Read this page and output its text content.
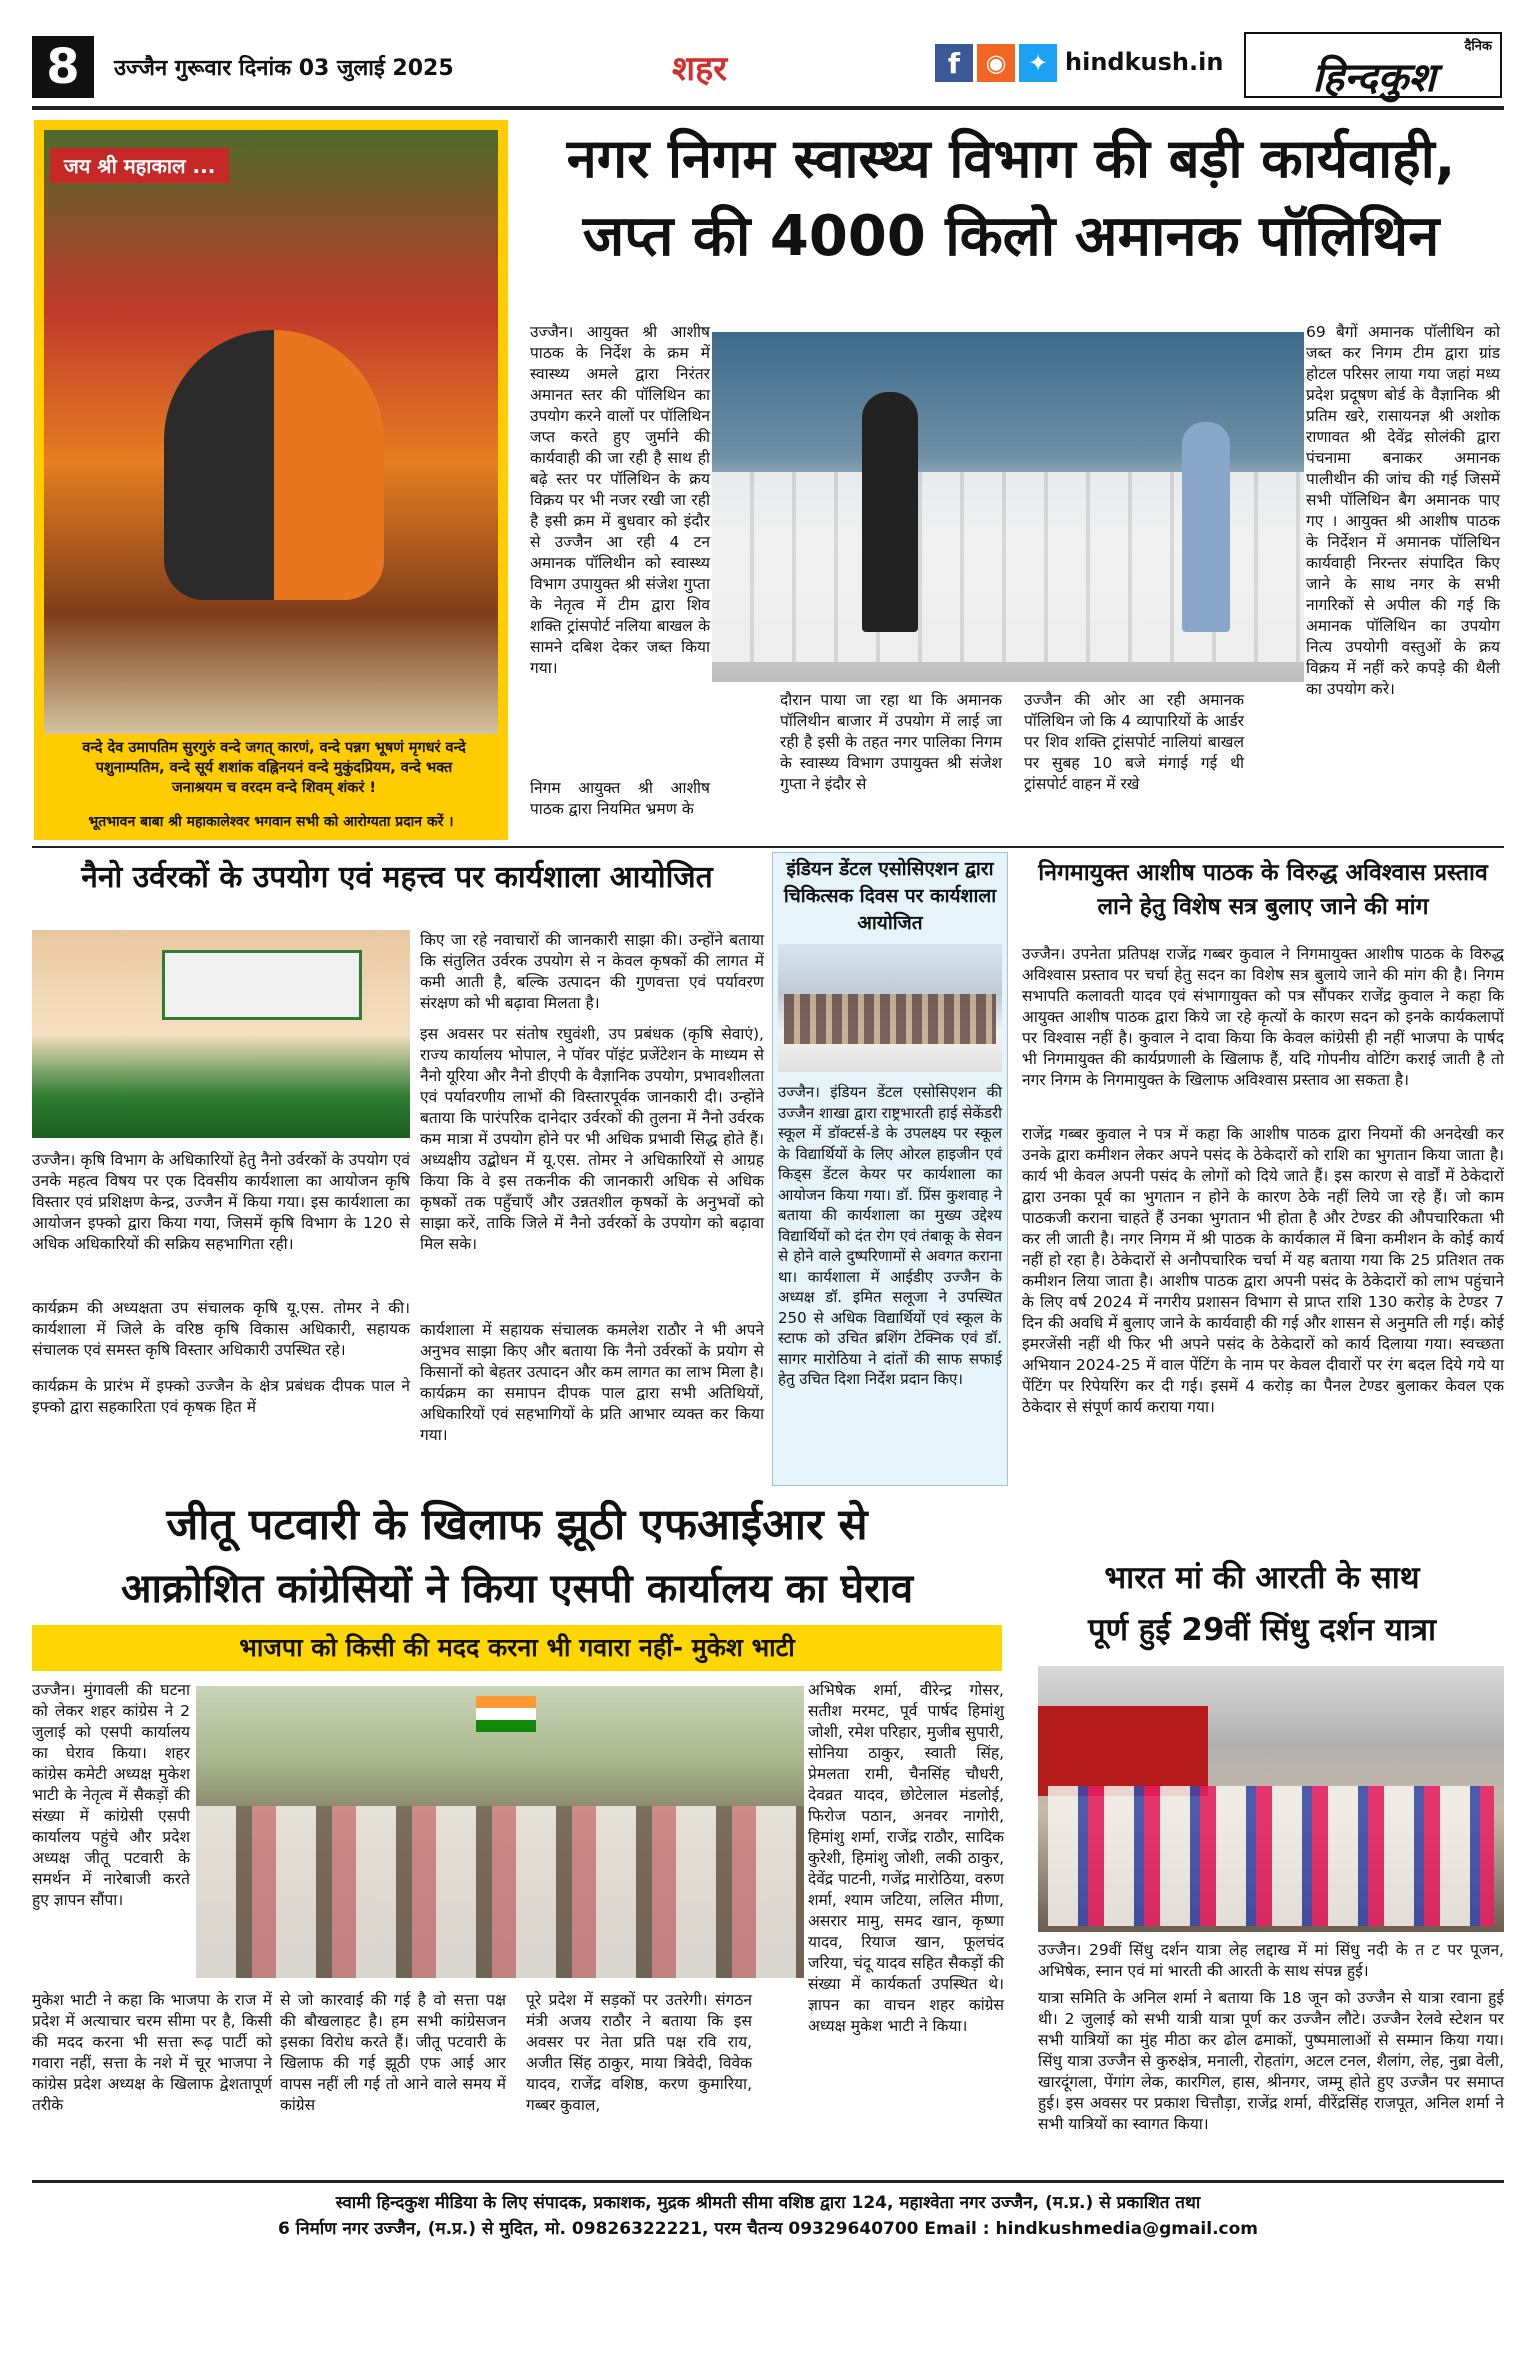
8	उज्जैन गुरूवार दिनांक 03 जुलाई 2025	शहर	f	◉ ✦ hindkush.in
दैनिक
हिन्दकुश
जय श्री महाकाल ...
वन्दे देव उमापतिम सुरगुरुं वन्दे जगत् कारणं, वन्दे पन्नग भूषणं मृगधरं वन्दे पशुनाम्पतिम, वन्दे सूर्य शशांक वह्निनयनं वन्दे मुकुंदप्रियम, वन्दे भक्त जनाश्रयम च वरदम वन्दे शिवम् शंकरं !
भूतभावन बाबा श्री महाकालेश्वर भगवान सभी को आरोग्यता प्रदान करें ।
नगर निगम स्वास्थ्य विभाग की बड़ी कार्यवाही,
जप्त की 4000 किलो अमानक पॉलिथिन
उज्जैन। आयुक्त श्री आशीष पाठक के निर्देश के क्रम में स्वास्थ्य अमले द्वारा निरंतर अमानत स्तर की पॉलिथिन का उपयोग करने वालों पर पॉलिथिन जप्त करते हुए जुर्माने की कार्यवाही की जा रही है साथ ही बढ़े स्तर पर पॉलिथिन के क्रय विक्रय पर भी नजर रखी जा रही है इसी क्रम में बुधवार को इंदौर से उज्जैन आ रही 4 टन अमानक पॉलिथीन को स्वास्थ्य विभाग उपायुक्त श्री संजेश गुप्ता के नेतृत्व में टीम द्वारा शिव शक्ति ट्रांसपोर्ट नलिया बाखल के सामने दबिश देकर जब्त किया गया।
निगम आयुक्त श्री आशीष पाठक द्वारा नियमित भ्रमण के
दौरान पाया जा रहा था कि अमानक पॉलिथीन बाजार में उपयोग में लाई जा रही है इसी के तहत नगर पालिका निगम के स्वास्थ्य विभाग उपायुक्त श्री संजेश गुप्ता ने इंदौर से
उज्जैन की ओर आ रही अमानक पॉलिथिन जो कि 4 व्यापारियों के आर्डर पर शिव शक्ति ट्रांसपोर्ट नालियां बाखल पर सुबह 10 बजे मंगाई गई थी ट्रांसपोर्ट वाहन में रखे
69 बैगों अमानक पॉलीथिन को जब्त कर निगम टीम द्वारा ग्रांड होटल परिसर लाया गया जहां मध्य प्रदेश प्रदूषण बोर्ड के वैज्ञानिक श्री प्रतिम खरे, रासायनज्ञ श्री अशोक राणावत श्री देवेंद्र सोलंकी द्वारा पंचनामा बनाकर अमानक पालीथीन की जांच की गई जिसमें सभी पॉलिथिन बैग अमानक पाए गए । आयुक्त श्री आशीष पाठक के निर्देशन में अमानक पॉलिथिन कार्यवाही निरन्तर संपादित किए जाने के साथ नगर के सभी नागरिकों से अपील की गई कि अमानक पॉलिथिन का उपयोग नित्य उपयोगी वस्तुओं के क्रय विक्रय में नहीं करे कपड़े की थैली का उपयोग करे।
नैनो उर्वरकों के उपयोग एवं महत्त्व पर कार्यशाला आयोजित
उज्जैन। कृषि विभाग के अधिकारियों हेतु नैनो उर्वरकों के उपयोग एवं उनके महत्व विषय पर एक दिवसीय कार्यशाला का आयोजन कृषि विस्तार एवं प्रशिक्षण केन्द्र, उज्जैन में किया गया। इस कार्यशाला का आयोजन इफ्को द्वारा किया गया, जिसमें कृषि विभाग के 120 से अधिक अधिकारियों की सक्रिय सहभागिता रही।
कार्यक्रम की अध्यक्षता उप संचालक कृषि यू.एस. तोमर ने की। कार्यशाला में जिले के वरिष्ठ कृषि विकास अधिकारी, सहायक संचालक एवं समस्त कृषि विस्तार अधिकारी उपस्थित रहे।
कार्यक्रम के प्रारंभ में इफ्को उज्जैन के क्षेत्र प्रबंधक दीपक पाल ने इफ्को द्वारा सहकारिता एवं कृषक हित में
किए जा रहे नवाचारों की जानकारी साझा की। उन्होंने बताया कि संतुलित उर्वरक उपयोग से न केवल कृषकों की लागत में कमी आती है, बल्कि उत्पादन की गुणवत्ता एवं पर्यावरण संरक्षण को भी बढ़ावा मिलता है।
इस अवसर पर संतोष रघुवंशी, उप प्रबंधक (कृषि सेवाएं), राज्य कार्यालय भोपाल, ने पॉवर पॉइंट प्रजेंटेशन के माध्यम से नैनो यूरिया और नैनो डीएपी के वैज्ञानिक उपयोग, प्रभावशीलता एवं पर्यावरणीय लाभों की विस्तारपूर्वक जानकारी दी। उन्होंने बताया कि पारंपरिक दानेदार उर्वरकों की तुलना में नैनो उर्वरक कम मात्रा में उपयोग होने पर भी अधिक प्रभावी सिद्ध होते हैं। अध्यक्षीय उद्बोधन में यू.एस. तोमर ने अधिकारियों से आग्रह किया कि वे इस तकनीक की जानकारी अधिक से अधिक कृषकों तक पहुँचाएँ और उन्नतशील कृषकों के अनुभवों को साझा करें, ताकि जिले में नैनो उर्वरकों के उपयोग को बढ़ावा मिल सके।
कार्यशाला में सहायक संचालक कमलेश राठौर ने भी अपने अनुभव साझा किए और बताया कि नैनो उर्वरकों के प्रयोग से किसानों को बेहतर उत्पादन और कम लागत का लाभ मिला है। कार्यक्रम का समापन दीपक पाल द्वारा सभी अतिथियों, अधिकारियों एवं सहभागियों के प्रति आभार व्यक्त कर किया गया।
इंडियन डेंटल एसोसिएशन द्वारा चिकित्सक दिवस पर कार्यशाला आयोजित
उज्जैन। इंडियन डेंटल एसोसिएशन की उज्जैन शाखा द्वारा राष्ट्रभारती हाई सेकेंडरी स्कूल में डॉक्टर्स-डे के उपलक्ष्य पर स्कूल के विद्यार्थियों के लिए ओरल हाइजीन एवं किड्स डेंटल केयर पर कार्यशाला का आयोजन किया गया। डॉ. प्रिंस कुशवाह ने बताया की कार्यशाला का मुख्य उद्देश्य विद्यार्थियों को दंत रोग एवं तंबाकू के सेवन से होने वाले दुष्परिणामों से अवगत कराना था। कार्यशाला में आईडीए उज्जैन के अध्यक्ष डॉ. इमित सलूजा ने उपस्थित 250 से अधिक विद्यार्थियों एवं स्कूल के स्टाफ को उचित ब्रशिंग टेक्निक एवं डॉ. सागर मारोठिया ने दांतों की साफ सफाई हेतु उचित दिशा निर्देश प्रदान किए।
निगमायुक्त आशीष पाठक के विरुद्ध अविश्वास प्रस्ताव लाने हेतु विशेष सत्र बुलाए जाने की मांग
उज्जैन। उपनेता प्रतिपक्ष राजेंद्र गब्बर कुवाल ने निगमायुक्त आशीष पाठक के विरुद्ध अविश्वास प्रस्ताव पर चर्चा हेतु सदन का विशेष सत्र बुलाये जाने की मांग की है। निगम सभापति कलावती यादव एवं संभागायुक्त को पत्र सौंपकर राजेंद्र कुवाल ने कहा कि आयुक्त आशीष पाठक द्वारा किये जा रहे कृत्यों के कारण सदन को इनके कार्यकलापों पर विश्वास नहीं है। कुवाल ने दावा किया कि केवल कांग्रेसी ही नहीं भाजपा के पार्षद भी निगमायुक्त की कार्यप्रणाली के खिलाफ हैं, यदि गोपनीय वोटिंग कराई जाती है तो नगर निगम के निगमायुक्त के खिलाफ अविश्वास प्रस्ताव आ सकता है।
राजेंद्र गब्बर कुवाल ने पत्र में कहा कि आशीष पाठक द्वारा नियमों की अनदेखी कर उनके द्वारा कमीशन लेकर अपने पसंद के ठेकेदारों को राशि का भुगतान किया जाता है। कार्य भी केवल अपनी पसंद के लोगों को दिये जाते हैं। इस कारण से वार्डों में ठेकेदारों द्वारा उनका पूर्व का भुगतान न होने के कारण ठेके नहीं लिये जा रहे हैं। जो काम पाठकजी कराना चाहते हैं उनका भुगतान भी होता है और टेण्डर की औपचारिकता भी कर ली जाती है। नगर निगम में श्री पाठक के कार्यकाल में बिना कमीशन के कोई कार्य नहीं हो रहा है। ठेकेदारों से अनौपचारिक चर्चा में यह बताया गया कि 25 प्रतिशत तक कमीशन लिया जाता है। आशीष पाठक द्वारा अपनी पसंद के ठेकेदारों को लाभ पहुंचाने के लिए वर्ष 2024 में नगरीय प्रशासन विभाग से प्राप्त राशि 130 करोड़ के टेण्डर 7 दिन की अवधि में बुलाए जाने के कार्यवाही की गई और शासन से अनुमति ली गई। कोई इमरजेंसी नहीं थी फिर भी अपने पसंद के ठेकेदारों को कार्य दिलाया गया। स्वच्छता अभियान 2024-25 में वाल पेंटिंग के नाम पर केवल दीवारों पर रंग बदल दिये गये या पेंटिंग पर रिपेयरिंग कर दी गई। इसमें 4 करोड़ का पैनल टेण्डर बुलाकर केवल एक ठेकेदार से संपूर्ण कार्य कराया गया।
जीतू पटवारी के खिलाफ झूठी एफआईआर से
आक्रोशित कांग्रेसियों ने किया एसपी कार्यालय का घेराव
भाजपा को किसी की मदद करना भी गवारा नहीं- मुकेश भाटी
उज्जैन। मुंगावली की घटना को लेकर शहर कांग्रेस ने 2 जुलाई को एसपी कार्यालय का घेराव किया। शहर कांग्रेस कमेटी अध्यक्ष मुकेश भाटी के नेतृत्व में सैकड़ों की संख्या में कांग्रेसी एसपी कार्यालय पहुंचे और प्रदेश अध्यक्ष जीतू पटवारी के समर्थन में नारेबाजी करते हुए ज्ञापन सौंपा।
मुकेश भाटी ने कहा कि भाजपा के राज में प्रदेश में अत्याचार चरम सीमा पर है, किसी की मदद करना भी सत्ता रूढ़ पार्टी को गवारा नहीं, सत्ता के नशे में चूर भाजपा ने कांग्रेस प्रदेश अध्यक्ष के खिलाफ द्वेशतापूर्ण तरीके
से जो कारवाई की गई है वो सत्ता पक्ष की बौखलाहट है। हम सभी कांग्रेसजन इसका विरोध करते हैं। जीतू पटवारी के खिलाफ की गई झूठी एफ आई आर वापस नहीं ली गई तो आने वाले समय में कांग्रेस
पूरे प्रदेश में सड़कों पर उतरेगी। संगठन मंत्री अजय राठौर ने बताया कि इस अवसर पर नेता प्रति पक्ष रवि राय, अजीत सिंह ठाकुर, माया त्रिवेदी, विवेक यादव, राजेंद्र वशिष्ठ, करण कुमारिया, गब्बर कुवाल,
अभिषेक शर्मा, वीरेन्द्र गोसर, सतीश मरमट, पूर्व पार्षद हिमांशु जोशी, रमेश परिहार, मुजीब सुपारी, सोनिया ठाकुर, स्वाती सिंह, प्रेमलता रामी, चैनसिंह चौधरी, देवव्रत यादव, छोटेलाल मंडलोई, फिरोज पठान, अनवर नागोरी, हिमांशु शर्मा, राजेंद्र राठौर, सादिक कुरेशी, हिमांशु जोशी, लकी ठाकुर, देवेंद्र पाटनी, गजेंद्र मारोठिया, वरुण शर्मा, श्याम जटिया, ललित मीणा, असरार मामु, समद खान, कृष्णा यादव, रियाज खान, फूलचंद जरिया, चंदू यादव सहित सैकड़ों की संख्या में कार्यकर्ता उपस्थित थे। ज्ञापन का वाचन शहर कांग्रेस अध्यक्ष मुकेश भाटी ने किया।
भारत मां की आरती के साथ
पूर्ण हुई 29वीं सिंधु दर्शन यात्रा
उज्जैन। 29वीं सिंधु दर्शन यात्रा लेह लद्दाख में मां सिंधु नदी के त ट पर पूजन, अभिषेक, स्नान एवं मां भारती की आरती के साथ संपन्न हुई।
यात्रा समिति के अनिल शर्मा ने बताया कि 18 जून को उज्जैन से यात्रा रवाना हुई थी। 2 जुलाई को सभी यात्री यात्रा पूर्ण कर उज्जैन लौटे। उज्जैन रेलवे स्टेशन पर सभी यात्रियों का मुंह मीठा कर ढोल ढमाकों, पुष्पमालाओं से सम्मान किया गया। सिंधु यात्रा उज्जैन से कुरुक्षेत्र, मनाली, रोहतांग, अटल टनल, शैलांग, लेह, नुब्रा वेली, खारदूंगला, पेंगांग लेक, कारगिल, हास, श्रीनगर, जम्मू होते हुए उज्जैन पर समाप्त हुई। इस अवसर पर प्रकाश चित्तौड़ा, राजेंद्र शर्मा, वीरेंद्रसिंह राजपूत, अनिल शर्मा ने सभी यात्रियों का स्वागत किया।
स्वामी हिन्दकुश मीडिया के लिए संपादक, प्रकाशक, मुद्रक श्रीमती सीमा वशिष्ठ द्वारा 124, महाश्वेता नगर उज्जैन, (म.प्र.) से प्रकाशित तथा
6 निर्माण नगर उज्जैन, (म.प्र.) से मुदित, मो. 09826322221, परम चैतन्य 09329640700 Email : hindkushmedia@gmail.com
